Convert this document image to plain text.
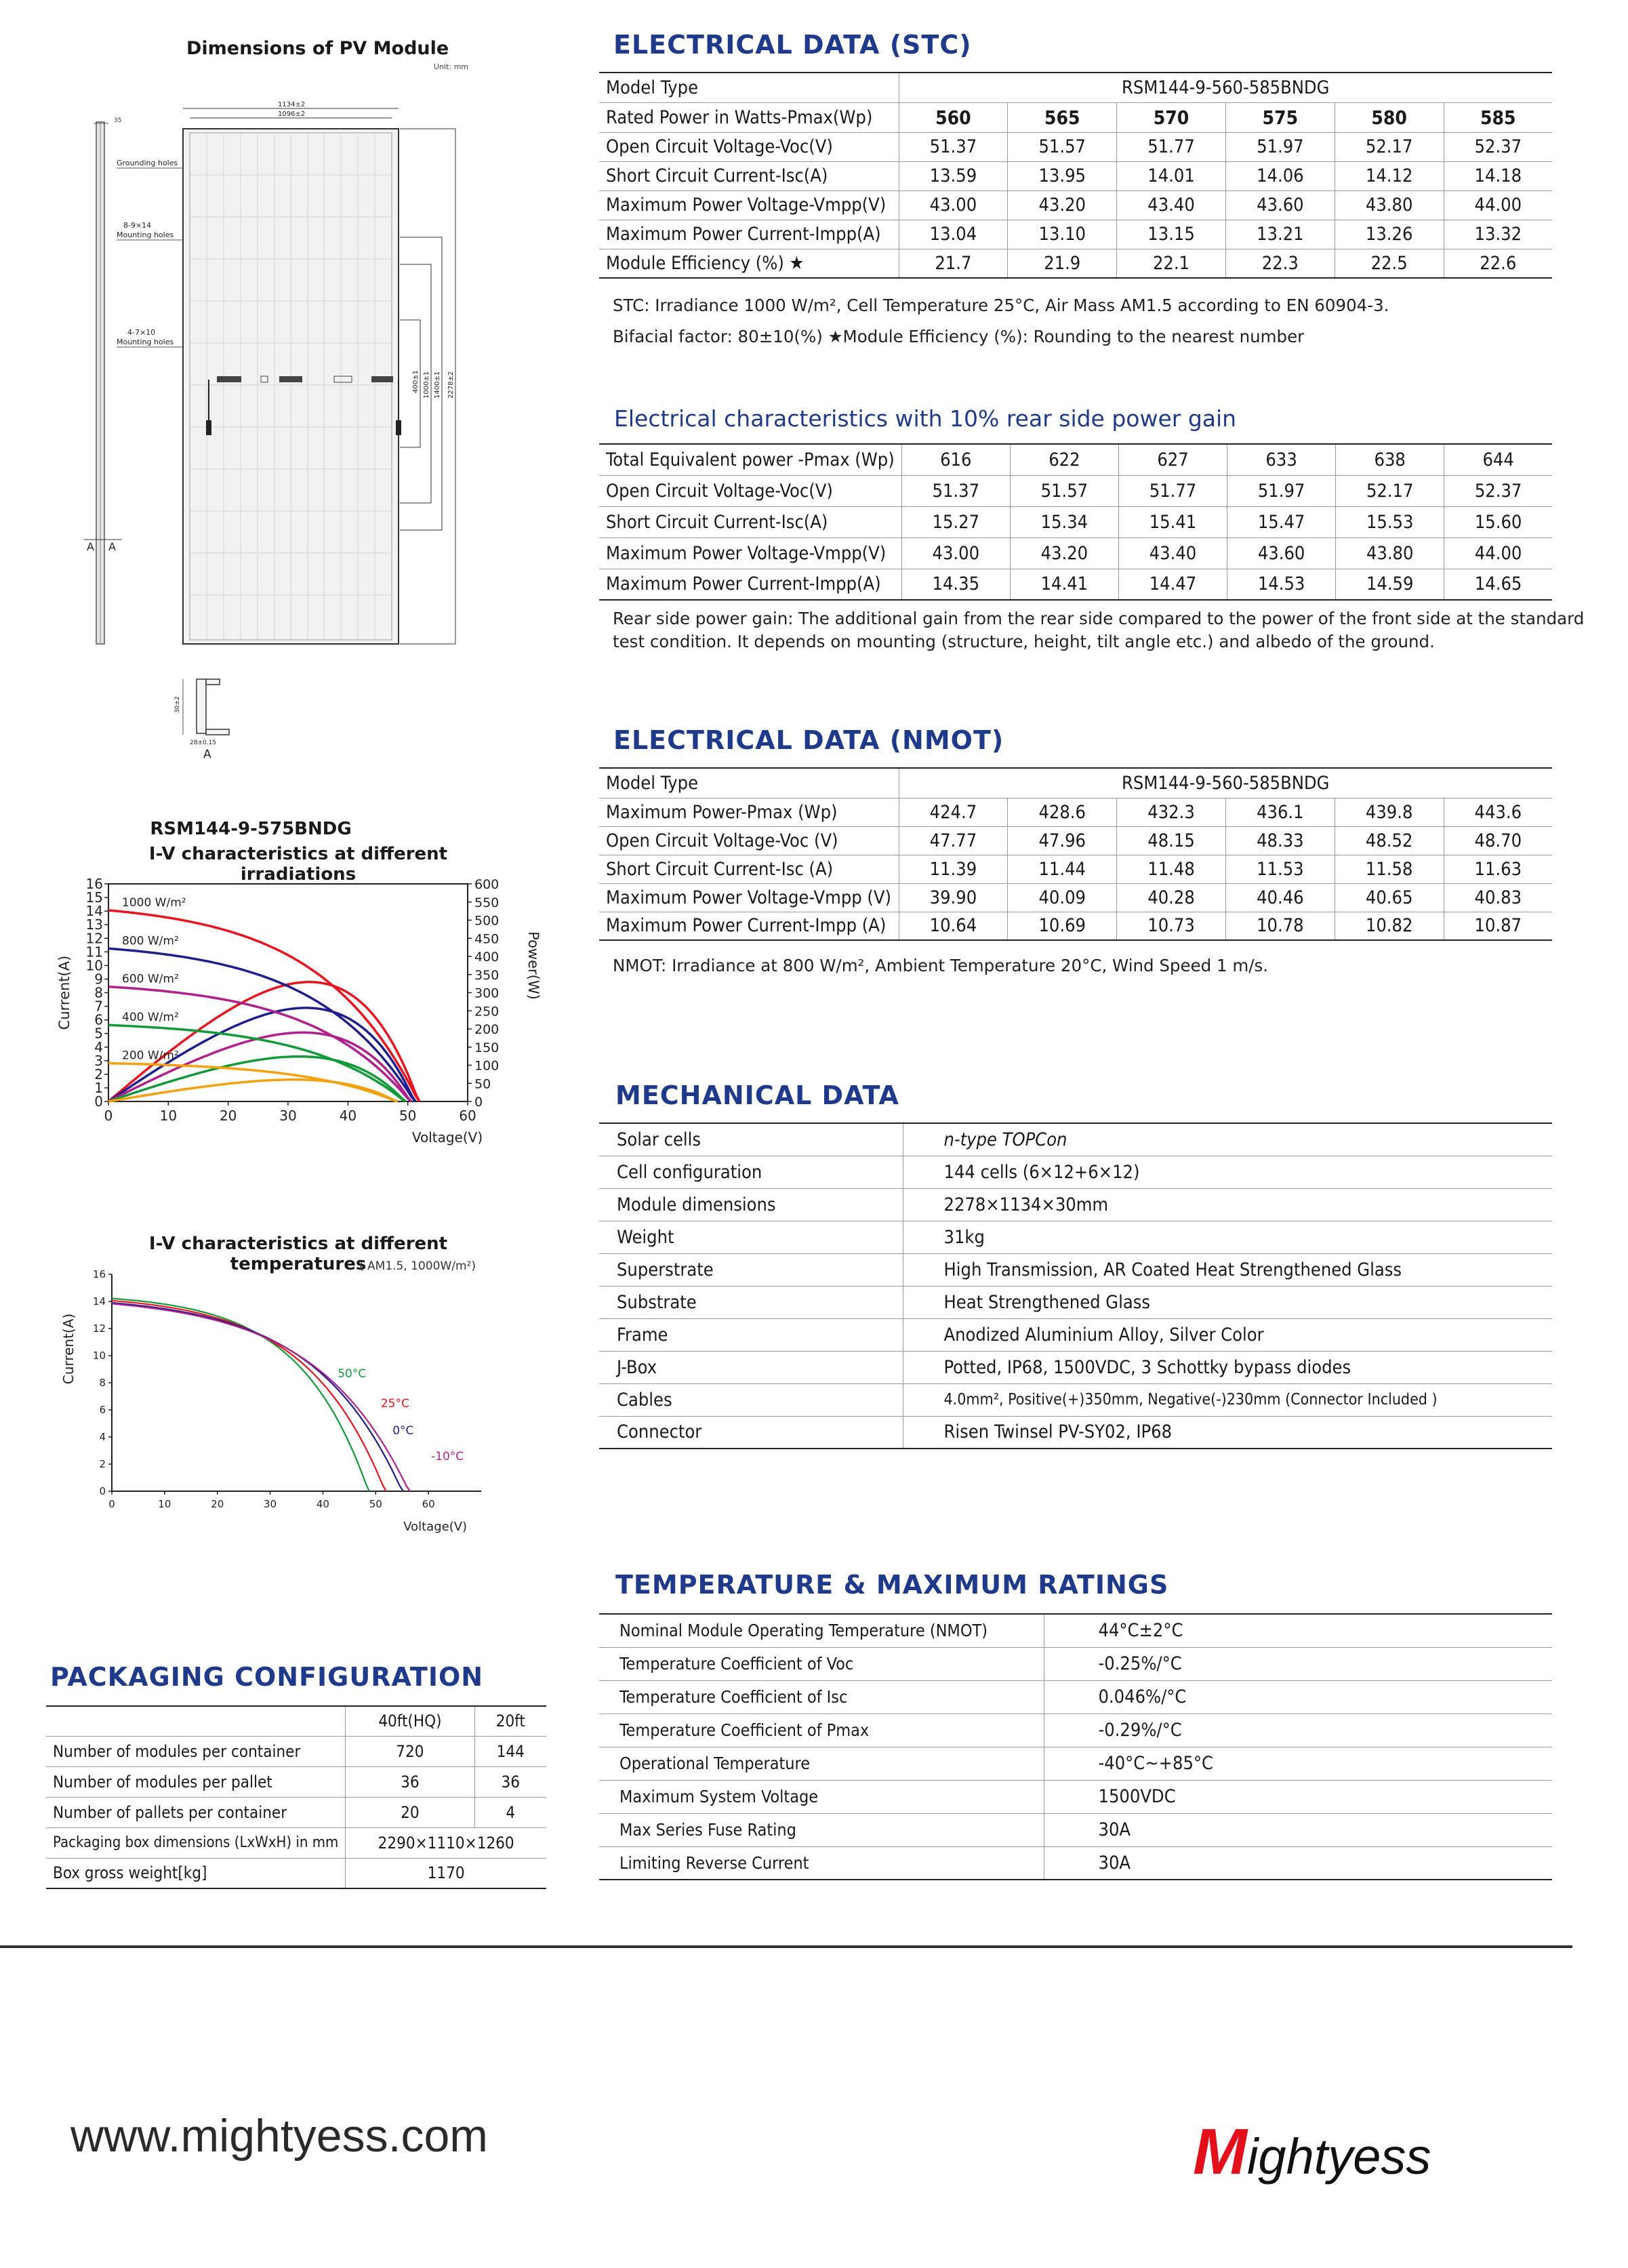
Dimensions of PV Module
Unit: mm
35
1134±2
1096±2
Grounding holes
8-9×14
Mounting holes
4-7×10
Mounting holes
A A
400±1 1000±1 1400±1 2278±2
30±2
28±0.15
A
RSM144-9-575BNDG
I-V characteristics at different irradiations
0
1
2
3
4
5
6
7
8
9
10
11
12
13
14
15
16
0
50
100
150
200
250
300
350
400
450
500
550
600
0	10	20	30	40	50	60
Voltage(V)
Current(A)	Power(W)
1000 W/m²
800 W/m²
600 W/m²
400 W/m²
200 W/m²
I-V characteristics at different temperatures
( AM1.5, 1000W/m²)
0
2
4
6
8
10
12
14
16
0	10	20	30	40	50	60
Voltage(V)
Current(A)	50°C
25°C
0°C
-10°C
PACKAGING CONFIGURATION
	40ft(HQ)	20ft
Number of modules per container	720	144
Number of modules per pallet	36	36
Number of pallets per container	20	4
Packaging box dimensions (LxWxH) in mm	2290×1110×1260	
Box gross weight[kg]	1170	
ELECTRICAL DATA (STC)
Model Type	RSM144-9-560-585BNDG					
Rated Power in Watts-Pmax(Wp)	560	565	570	575	580	585
Open Circuit Voltage-Voc(V)	51.37	51.57	51.77	51.97	52.17	52.37
Short Circuit Current-Isc(A)	13.59	13.95	14.01	14.06	14.12	14.18
Maximum Power Voltage-Vmpp(V)	43.00	43.20	43.40	43.60	43.80	44.00
Maximum Power Current-Impp(A)	13.04	13.10	13.15	13.21	13.26	13.32
Module Efficiency (%) ★	21.7	21.9	22.1	22.3	22.5	22.6
STC: Irradiance 1000 W/m², Cell Temperature 25°C, Air Mass AM1.5 according to EN 60904-3.
Bifacial factor: 80±10(%) ★Module Efficiency (%): Rounding to the nearest number
Electrical characteristics with 10% rear side power gain
Total Equivalent power -Pmax (Wp)	616	622	627	633	638	644
Open Circuit Voltage-Voc(V)	51.37	51.57	51.77	51.97	52.17	52.37
Short Circuit Current-Isc(A)	15.27	15.34	15.41	15.47	15.53	15.60
Maximum Power Voltage-Vmpp(V)	43.00	43.20	43.40	43.60	43.80	44.00
Maximum Power Current-Impp(A)	14.35	14.41	14.47	14.53	14.59	14.65
Rear side power gain: The additional gain from the rear side compared to the power of the front side at the standard
test condition. It depends on mounting (structure, height, tilt angle etc.) and albedo of the ground.
ELECTRICAL DATA (NMOT)
Model Type	RSM144-9-560-585BNDG					
Maximum Power-Pmax (Wp)	424.7	428.6	432.3	436.1	439.8	443.6
Open Circuit Voltage-Voc (V)	47.77	47.96	48.15	48.33	48.52	48.70
Short Circuit Current-Isc (A)	11.39	11.44	11.48	11.53	11.58	11.63
Maximum Power Voltage-Vmpp (V)	39.90	40.09	40.28	40.46	40.65	40.83
Maximum Power Current-Impp (A)	10.64	10.69	10.73	10.78	10.82	10.87
NMOT: Irradiance at 800 W/m², Ambient Temperature 20°C, Wind Speed 1 m/s.
MECHANICAL DATA
Solar cells	n-type TOPCon
Cell configuration	144 cells (6×12+6×12)
Module dimensions	2278×1134×30mm
Weight	31kg
Superstrate	High Transmission, AR Coated Heat Strengthened Glass
Substrate	Heat Strengthened Glass
Frame	Anodized Aluminium Alloy, Silver Color
J-Box	Potted, IP68, 1500VDC, 3 Schottky bypass diodes
Cables	4.0mm², Positive(+)350mm, Negative(-)230mm (Connector Included )
Connector	Risen Twinsel PV-SY02, IP68
TEMPERATURE & MAXIMUM RATINGS
Nominal Module Operating Temperature (NMOT)	44°C±2°C
Temperature Coefficient of Voc	-0.25%/°C
Temperature Coefficient of Isc	0.046%/°C
Temperature Coefficient of Pmax	-0.29%/°C
Operational Temperature	-40°C~+85°C
Maximum System Voltage	1500VDC
Max Series Fuse Rating	30A
Limiting Reverse Current	30A
www.mightyess.com	Mightyess
